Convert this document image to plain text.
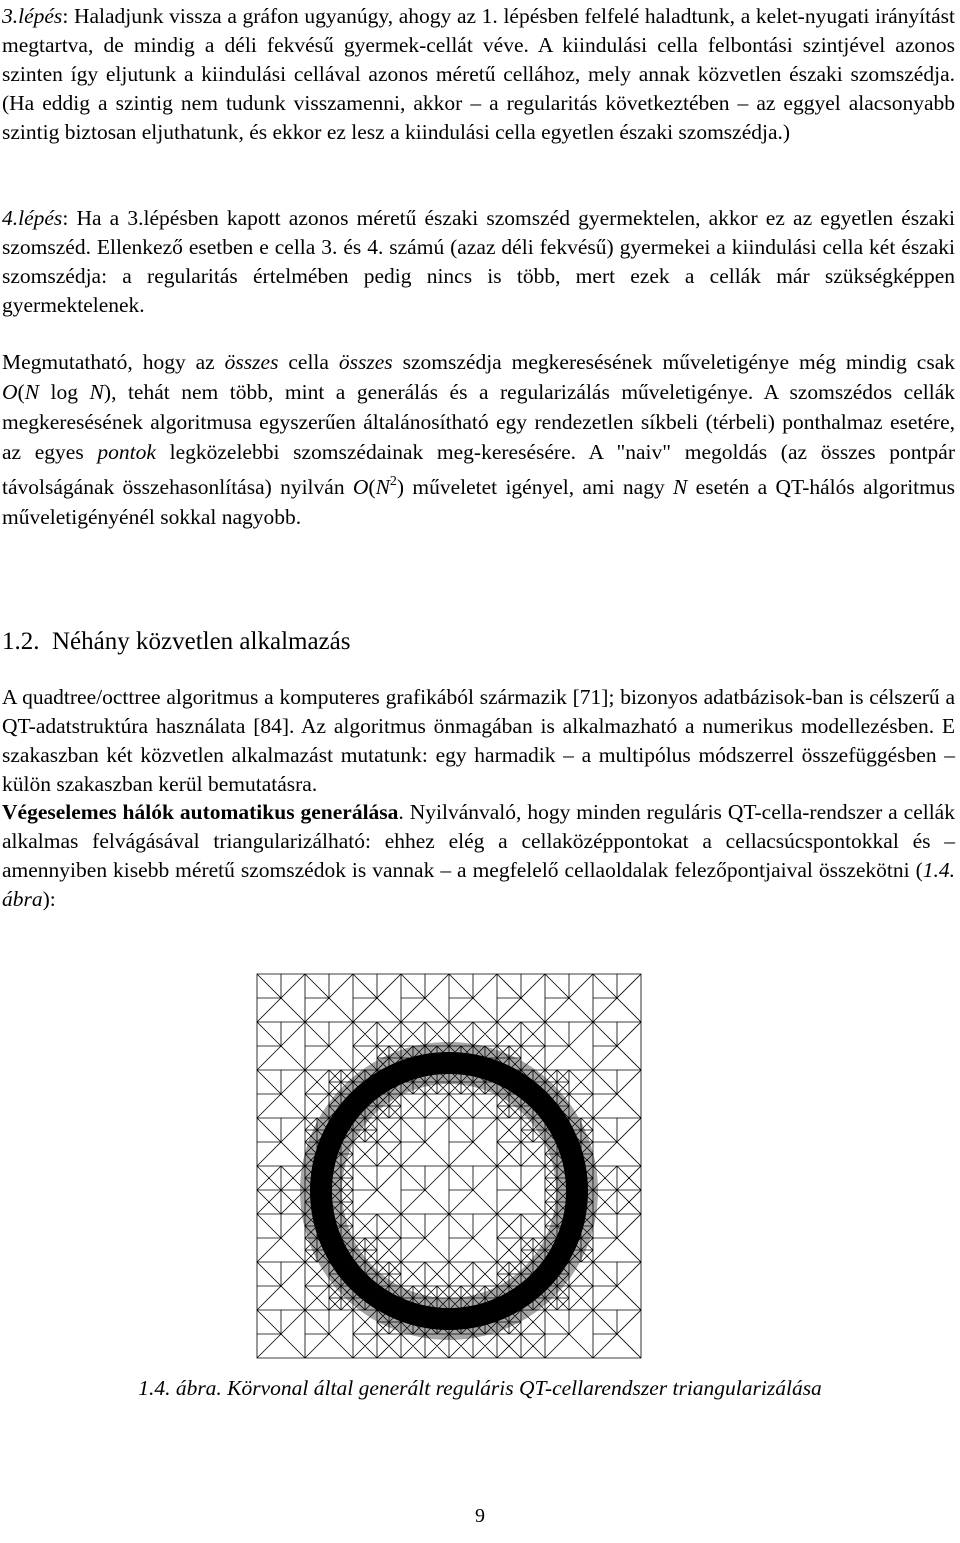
3.lépés: Haladjunk vissza a gráfon ugyanúgy, ahogy az 1. lépésben felfelé haladtunk, a kelet-nyugati irányítást megtartva, de mindig a déli fekvésű gyermek-cellát véve. A kiindulási cella felbontási szintjével azonos szinten így eljutunk a kiindulási cellával azonos méretű cellához, mely annak közvetlen északi szomszédja. (Ha eddig a szintig nem tudunk visszamenni, akkor – a regularitás következtében – az eggyel alacsonyabb szintig biztosan eljuthatunk, és ekkor ez lesz a kiindulási cella egyetlen északi szomszédja.)

4.lépés: Ha a 3.lépésben kapott azonos méretű északi szomszéd gyermektelen, akkor ez az egyetlen északi szomszéd. Ellenkező esetben e cella 3. és 4. számú (azaz déli fekvésű) gyermekei a kiindulási cella két északi szomszédja: a regularitás értelmében pedig nincs is több, mert ezek a cellák már szükségképpen gyermektelenek.

Megmutatható, hogy az összes cella összes szomszédja megkeresésének műveletigénye még mindig csak O(N log N), tehát nem több, mint a generálás és a regularizálás műveletigénye. A szomszédos cellák megkeresésének algoritmusa egyszerűen általánosítható egy rendezetlen síkbeli (térbeli) ponthalmaz esetére, az egyes pontok legközelebbi szomszédainak meg-keresésére. A "naiv" megoldás (az összes pontpár távolságának összehasonlítása) nyilván $O(N^2)$ műveletet igényel, ami nagy N esetén a QT-hálós algoritmus műveletigényénél sokkal nagyobb.

1.2. Néhány közvetlen alkalmazás

A quadtree/octtree algoritmus a komputeres grafikából származik [71]; bizonyos adatbázisok-ban is célszerű a QT-adatstruktúra használata [84]. Az algoritmus önmagában is alkalmazható a numerikus modellezésben. E szakaszban két közvetlen alkalmazást mutatunk: egy harmadik – a multipólus módszerrel összefüggésben – külön szakaszban kerül bemutatásra.

Végeselemes hálók automatikus generálása. Nyilvánvaló, hogy minden reguláris QT-cella-rendszer a cellák alkalmas felvágásával triangularizálható: ehhez elég a cellaközéppontokat a cellacsúcspontokkal és – amennyiben kisebb méretű szomszédok is vannak – a megfelelő cellaoldalak felezőpontjaival összekötni (1.4. ábra):

1.4. ábra. Körvonal által generált reguláris QT-cellarendszer triangularizálása
9
